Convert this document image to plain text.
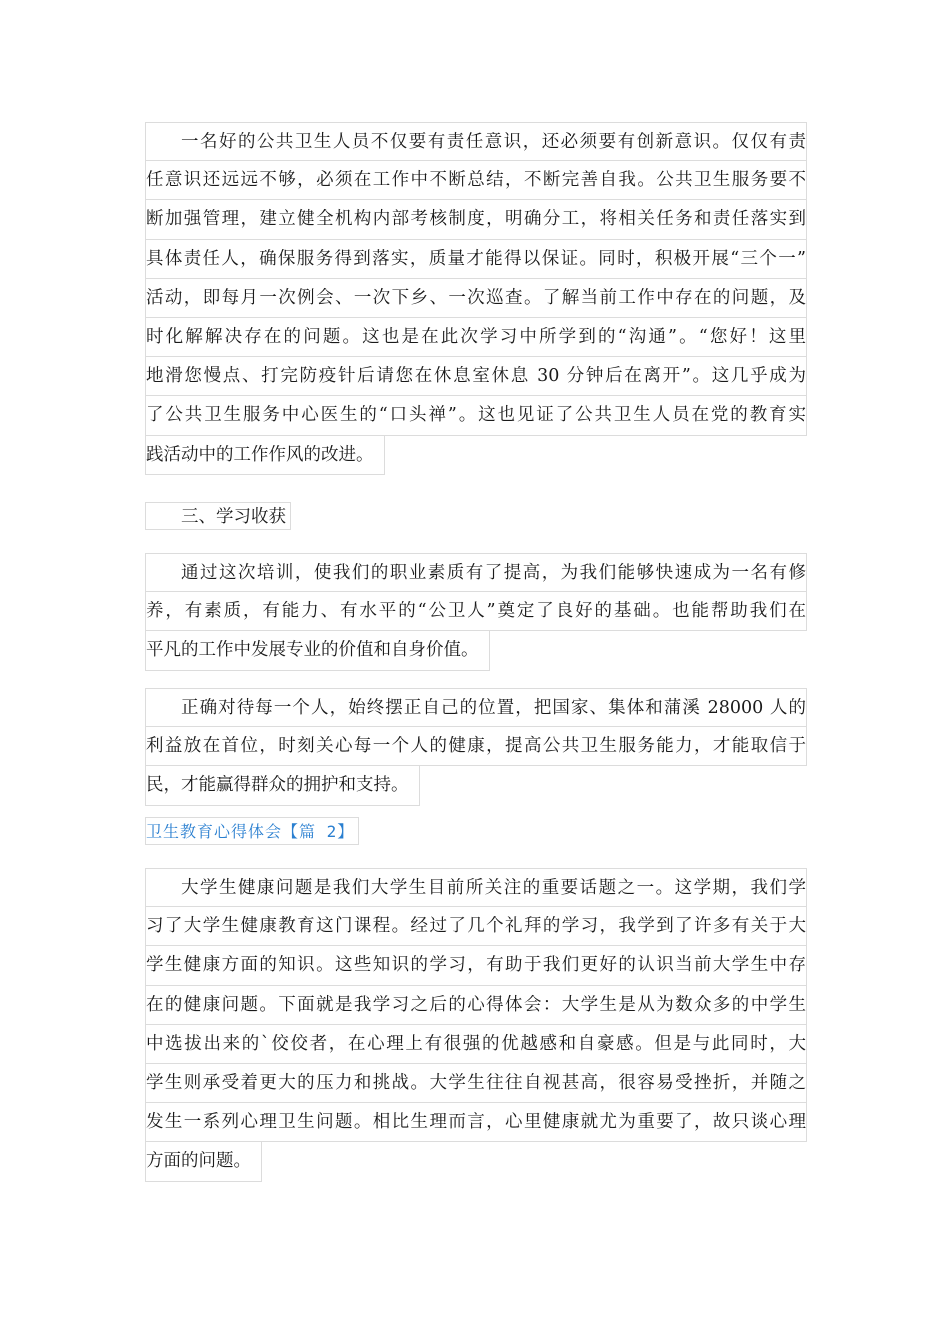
一名好的公共卫生人员不仅要有责任意识，还必须要有创新意识。仅仅有责
任意识还远远不够，必须在工作中不断总结，不断完善自我。公共卫生服务要不
断加强管理，建立健全机构内部考核制度，明确分工，将相关任务和责任落实到
具体责任人，确保服务得到落实，质量才能得以保证。同时，积极开展“三个一”
活动，即每月一次例会、一次下乡、一次巡查。了解当前工作中存在的问题，及
时化解解决存在的问题。这也是在此次学习中所学到的“沟通”。“您好！这里
地滑您慢点、打完防疫针后请您在休息室休息 30 分钟后在离开”。这几乎成为
了公共卫生服务中心医生的“口头禅”。这也见证了公共卫生人员在党的教育实
践活动中的工作作风的改进。

三、学习收获
通过这次培训，使我们的职业素质有了提高，为我们能够快速成为一名有修
养，有素质，有能力、有水平的“公卫人”奠定了良好的基础。也能帮助我们在
平凡的工作中发展专业的价值和自身价值。

正确对待每一个人，始终摆正自己的位置，把国家、集体和蒲溪 28000 人的
利益放在首位，时刻关心每一个人的健康，提高公共卫生服务能力，才能取信于
民，才能赢得群众的拥护和支持。

卫生教育心得体会【篇 2】
大学生健康问题是我们大学生目前所关注的重要话题之一。这学期，我们学
习了大学生健康教育这门课程。经过了几个礼拜的学习，我学到了许多有关于大
学生健康方面的知识。这些知识的学习，有助于我们更好的认识当前大学生中存
在的健康问题。下面就是我学习之后的心得体会：大学生是从为数众多的中学生
中选拔出来的`佼佼者，在心理上有很强的优越感和自豪感。但是与此同时，大
学生则承受着更大的压力和挑战。大学生往往自视甚高，很容易受挫折，并随之
发生一系列心理卫生问题。相比生理而言，心里健康就尤为重要了，故只谈心理
方面的问题。
